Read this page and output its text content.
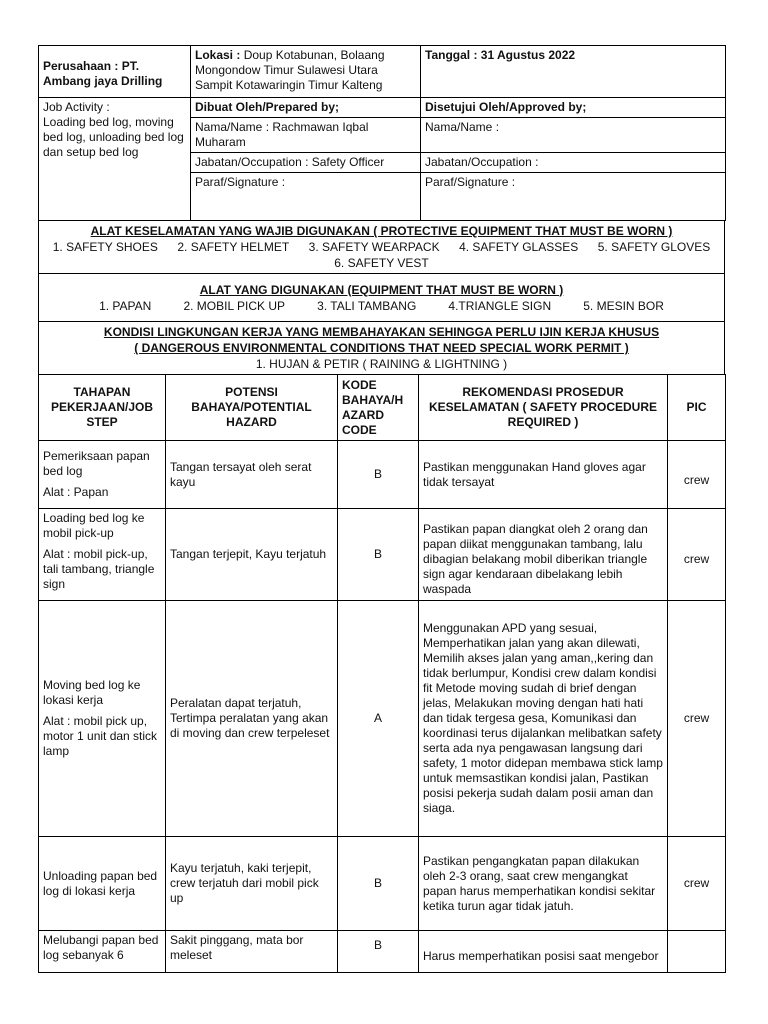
Perusahaan : PT. Ambang jaya Drilling	Lokasi : Doup Kotabunan, Bolaang Mongondow Timur Sulawesi Utara Sampit Kotawaringin Timur Kalteng	Tanggal : 31 Agustus 2022

Job Activity :
Loading bed log, moving bed log, unloading bed log dan setup bed log	Dibuat Oleh/Prepared by;	Disetujui Oleh/Approved by;
	Nama/Name : Rachmawan Iqbal Muharam	Nama/Name :
	Jabatan/Occupation : Safety Officer	Jabatan/Occupation :
	Paraf/Signature :	Paraf/Signature :
ALAT KESELAMATAN YANG WAJIB DIGUNAKAN ( PROTECTIVE EQUIPMENT THAT MUST BE WORN )
1. SAFETY SHOES 2. SAFETY HELMET 3. SAFETY WEARPACK 4. SAFETY GLASSES 5. SAFETY GLOVES
6. SAFETY VEST

ALAT YANG DIGUNAKAN (EQUIPMENT THAT MUST BE WORN )
1. PAPAN	2. MOBIL PICK UP	3. TALI TAMBANG	4.TRIANGLE SIGN	5. MESIN BOR

KONDISI LINGKUNGAN KERJA YANG MEMBAHAYAKAN SEHINGGA PERLU IJIN KERJA KHUSUS
( DANGEROUS ENVIRONMENTAL CONDITIONS THAT NEED SPECIAL WORK PERMIT )
1. HUJAN & PETIR ( RAINING & LIGHTNING )
TAHAPAN PEKERJAAN/JOB STEP	POTENSI BAHAYA/POTENTIAL HAZARD	KODE BAHAYA/H AZARD CODE	REKOMENDASI PROSEDUR KESELAMATAN ( SAFETY PROCEDURE REQUIRED )	PIC

Pemeriksaan papan bed log
Alat : Papan	Tangan tersayat oleh serat kayu	B	Pastikan menggunakan Hand gloves agar tidak tersayat	crew

Loading bed log ke mobil pick-up
Alat : mobil pick-up, tali tambang, triangle sign	Tangan terjepit, Kayu terjatuh	B	Pastikan papan diangkat oleh 2 orang dan papan diikat menggunakan tambang, lalu dibagian belakang mobil diberikan triangle sign agar kendaraan dibelakang lebih waspada	crew

Moving bed log ke lokasi kerja
Alat : mobil pick up, motor 1 unit dan stick lamp	Peralatan dapat terjatuh, Tertimpa peralatan yang akan di moving dan crew terpeleset	A	Menggunakan APD yang sesuai, Memperhatikan jalan yang akan dilewati, Memilih akses jalan yang aman,,kering dan tidak berlumpur, Kondisi crew dalam kondisi fit Metode moving sudah di brief dengan jelas, Melakukan moving dengan hati hati dan tidak tergesa gesa, Komunikasi dan koordinasi terus dijalankan melibatkan safety serta ada nya pengawasan langsung dari safety, 1 motor didepan membawa stick lamp untuk memsastikan kondisi jalan, Pastikan posisi pekerja sudah dalam posii aman dan siaga.	crew

Unloading papan bed log di lokasi kerja	Kayu terjatuh, kaki terjepit, crew terjatuh dari mobil pick up	B	Pastikan pengangkatan papan dilakukan oleh 2-3 orang, saat crew mengangkat papan harus memperhatikan kondisi sekitar ketika turun agar tidak jatuh.	crew

Melubangi papan bed log sebanyak 6	Sakit pinggang, mata bor meleset	B	Harus memperhatikan posisi saat mengebor	
